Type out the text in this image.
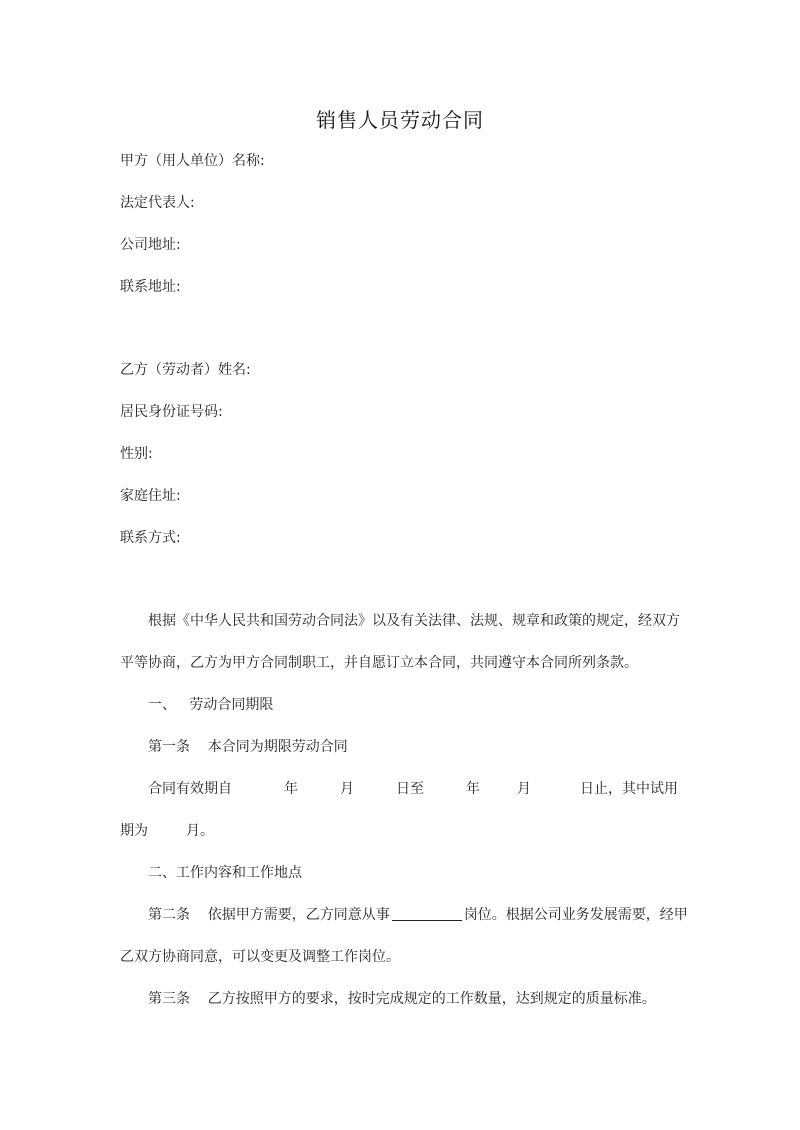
销售人员劳动合同
甲方（用人单位）名称:
法定代表人:
公司地址:
联系地址:
乙方（劳动者）姓名:
居民身份证号码:
性别:
家庭住址:
联系方式:
根据《中华人民共和国劳动合同法》以及有关法律、法规、规章和政策的规定，经双方
平等协商，乙方为甲方合同制职工，并自愿订立本合同，共同遵守本合同所列条款。
一、   劳动合同期限
第一条    本合同为期限劳动合同
合同有效期自	年	月	日至	年	月	日止，其中试用
期为	月。
二、工作内容和工作地点
第二条    依据甲方需要，乙方同意从事	岗位。根据公司业务发展需要，经甲
乙双方协商同意，可以变更及调整工作岗位。
第三条    乙方按照甲方的要求，按时完成规定的工作数量，达到规定的质量标准。
